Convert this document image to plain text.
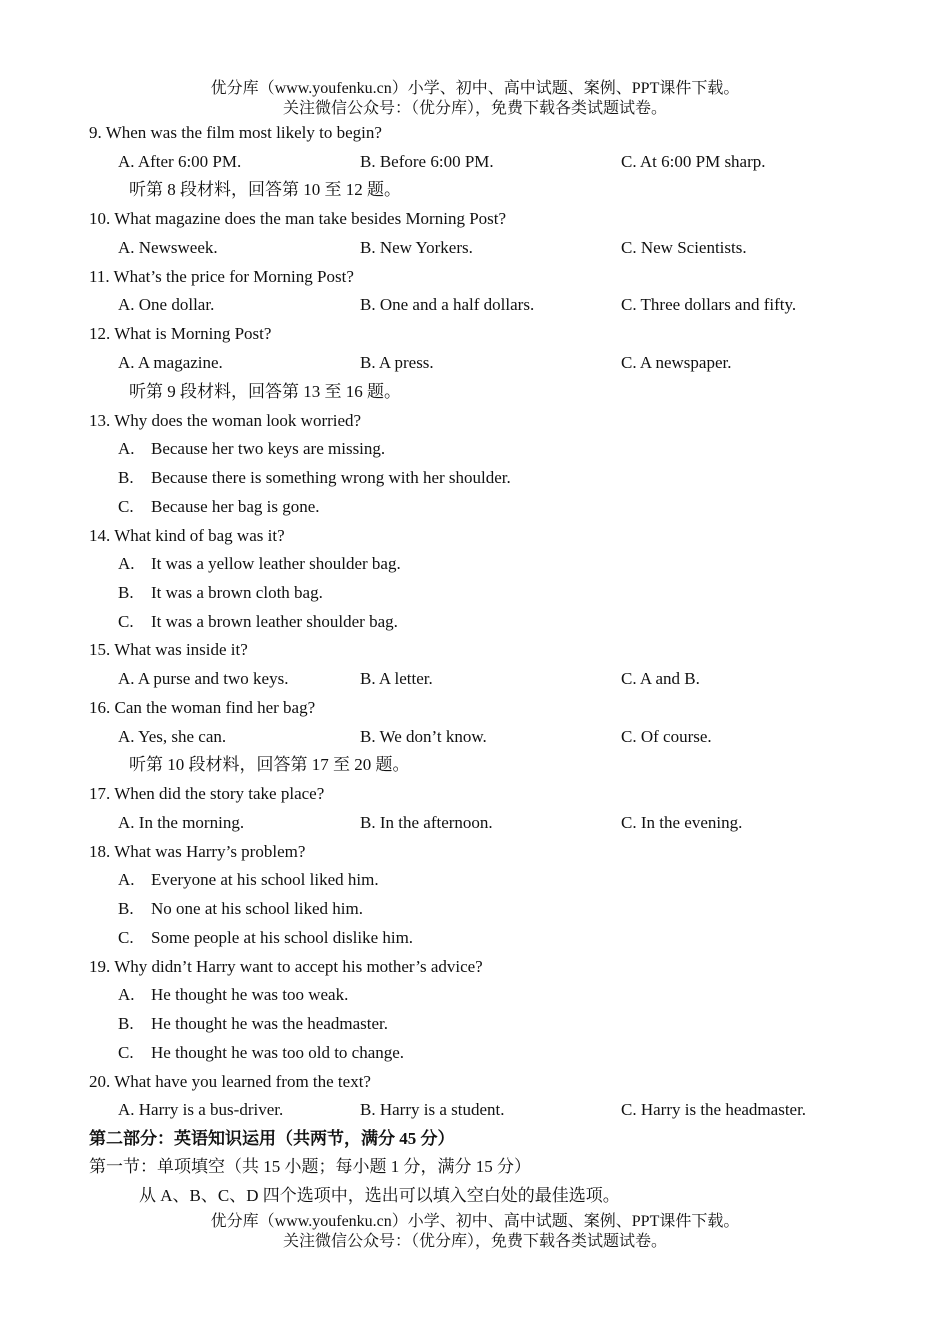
优分库（www.youfenku.cn）小学、初中、高中试题、案例、PPT课件下载。
关注微信公众号：（优分库），免费下载各类试题试卷。
9. When was the film most likely to begin?
A. After 6:00 PM.	B. Before 6:00 PM.	C. At 6:00 PM sharp.
听第 8 段材料，回答第 10 至 12 题。
10. What magazine does the man take besides Morning Post?
A. Newsweek.	B. New Yorkers.	C. New Scientists.
11. What’s the price for Morning Post?
A. One dollar.	B. One and a half dollars.	C. Three dollars and fifty.
12. What is Morning Post?
A. A magazine.	B. A press.	C. A newspaper.
听第 9 段材料，回答第 13 至 16 题。
13. Why does the woman look worried?
A. Because her two keys are missing.
B. Because there is something wrong with her shoulder.
C. Because her bag is gone.
14. What kind of bag was it?
A. It was a yellow leather shoulder bag.
B. It was a brown cloth bag.
C. It was a brown leather shoulder bag.
15. What was inside it?
A. A purse and two keys.	B. A letter.	C. A and B.
16. Can the woman find her bag?
A. Yes, she can.	B. We don’t know.	C. Of course.
听第 10 段材料，回答第 17 至 20 题。
17. When did the story take place?
A. In the morning.	B. In the afternoon.	C. In the evening.
18. What was Harry’s problem?
A. Everyone at his school liked him.
B. No one at his school liked him.
C. Some people at his school dislike him.
19. Why didn’t Harry want to accept his mother’s advice?
A. He thought he was too weak.
B. He thought he was the headmaster.
C. He thought he was too old to change.
20. What have you learned from the text?
A. Harry is a bus-driver.	B. Harry is a student.	C. Harry is the headmaster.
第二部分：英语知识运用（共两节，满分 45 分）
第一节：单项填空（共 15 小题；每小题 1 分，满分 15 分）
从 A、B、C、D 四个选项中，选出可以填入空白处的最佳选项。
优分库（www.youfenku.cn）小学、初中、高中试题、案例、PPT课件下载。
关注微信公众号：（优分库），免费下载各类试题试卷。
